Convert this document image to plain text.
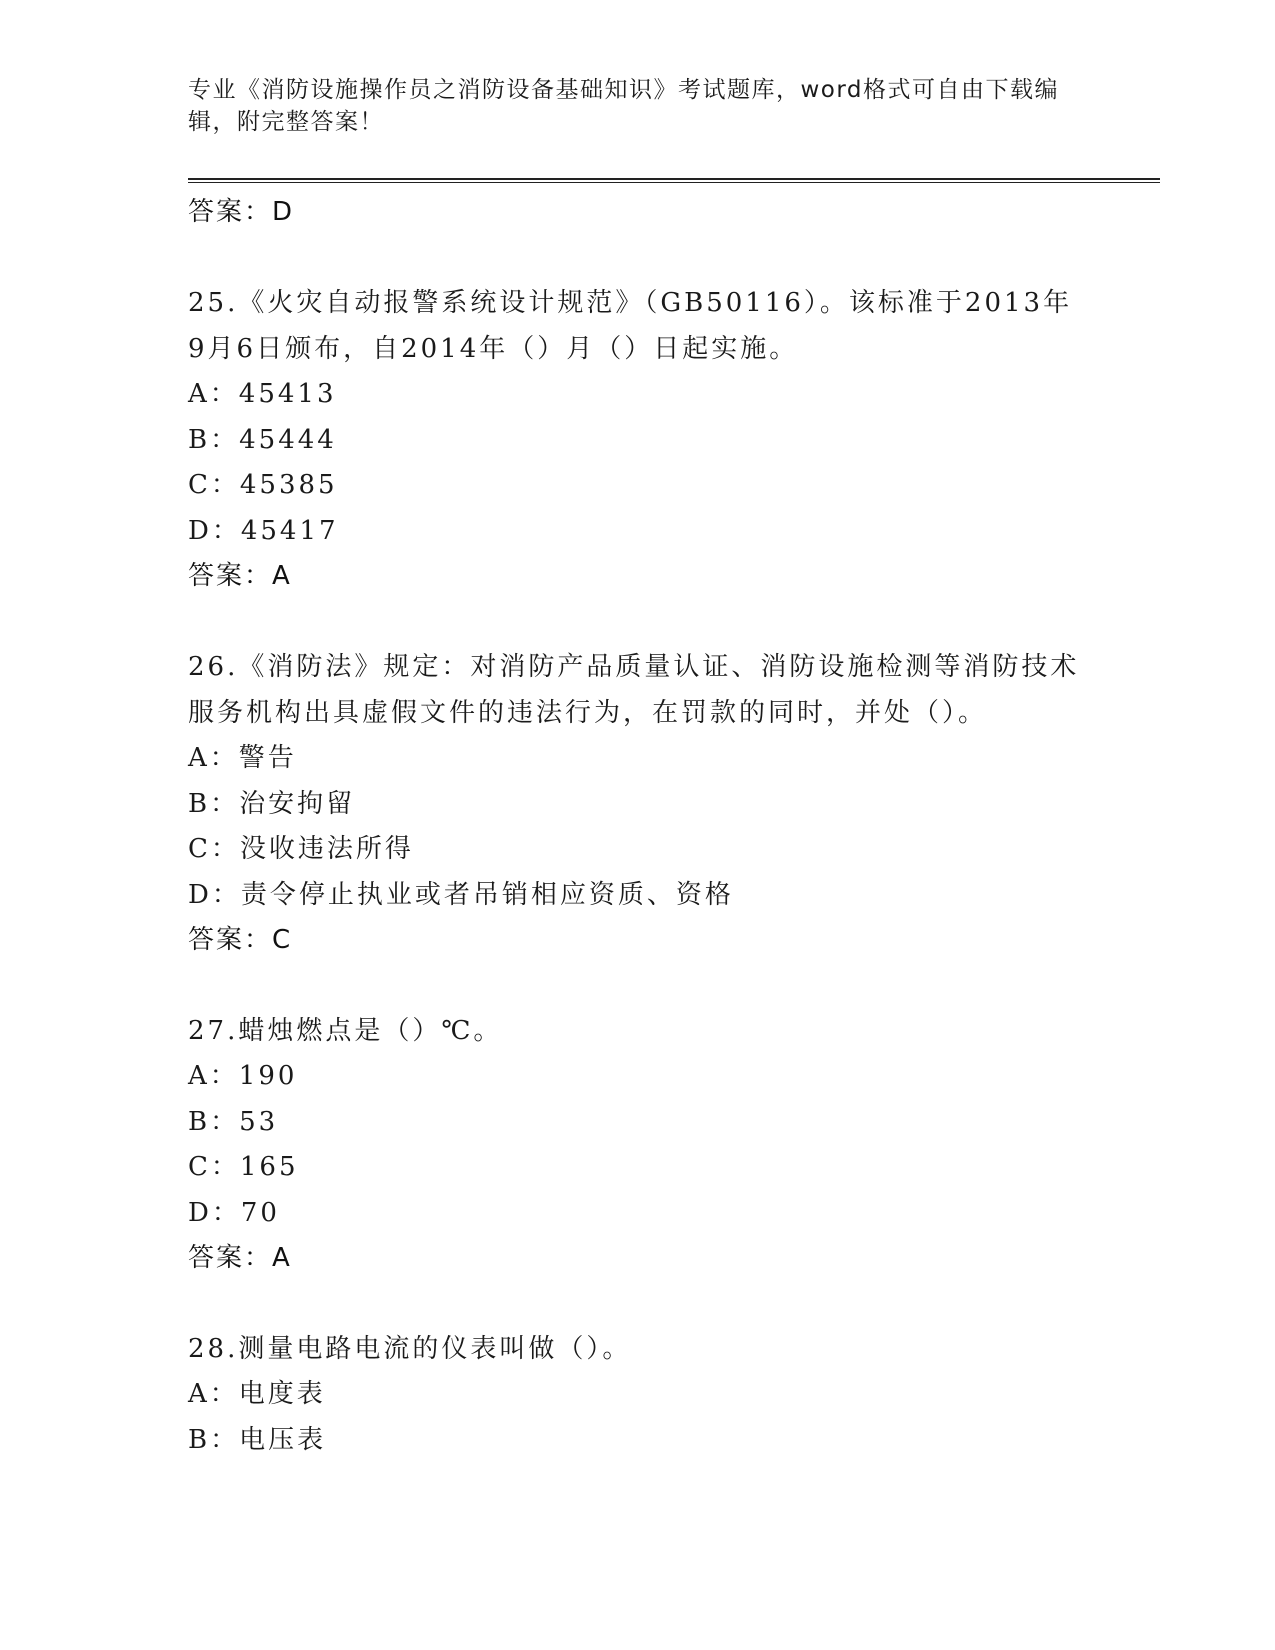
专业《消防设施操作员之消防设备基础知识》考试题库，word格式可自由下载编辑，附完整答案！
答案：D
25.《火灾自动报警系统设计规范》（GB50116）。该标准于2013年9月6日颁布，自2014年（）月（）日起实施。
A：45413
B：45444
C：45385
D：45417
答案：A
26.《消防法》规定：对消防产品质量认证、消防设施检测等消防技术服务机构出具虚假文件的违法行为，在罚款的同时，并处（）。
A：警告
B：治安拘留
C：没收违法所得
D：责令停止执业或者吊销相应资质、资格
答案：C
27.蜡烛燃点是（）℃。
A：190
B：53
C：165
D：70
答案：A
28.测量电路电流的仪表叫做（）。
A：电度表
B：电压表
